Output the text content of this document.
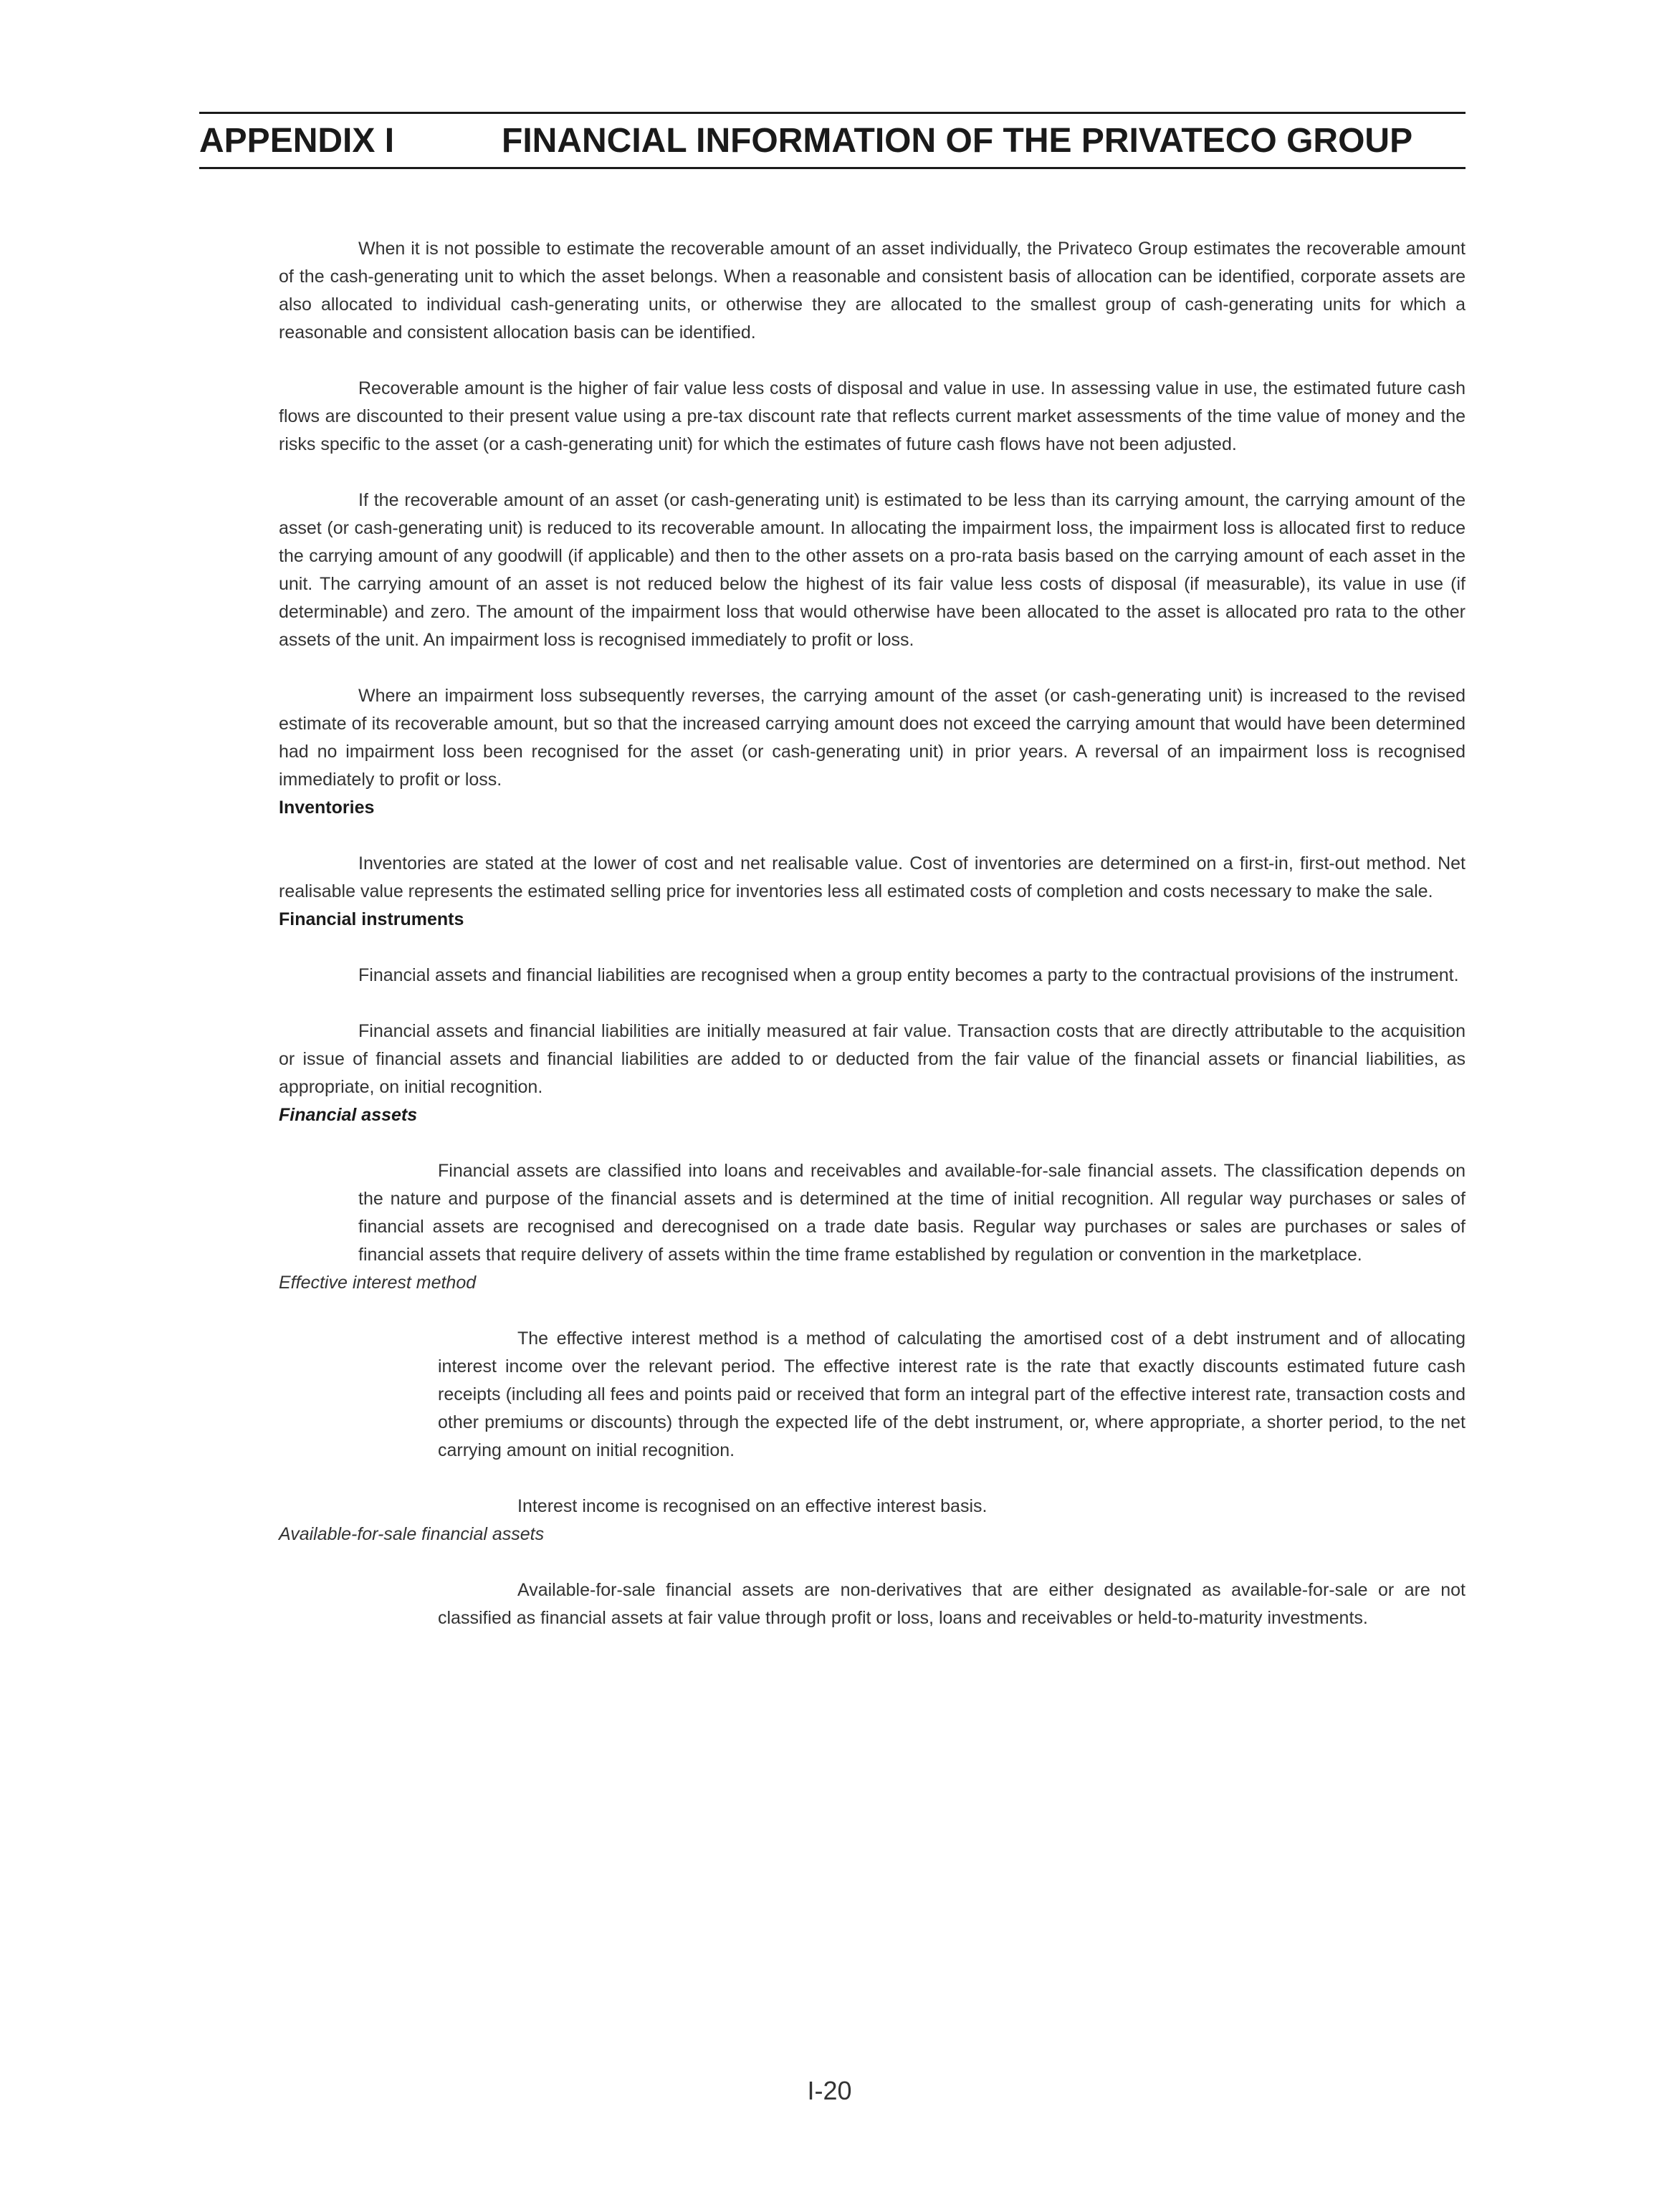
APPENDIX I	FINANCIAL INFORMATION OF THE PRIVATECO GROUP

When it is not possible to estimate the recoverable amount of an asset individually, the Privateco Group estimates the recoverable amount of the cash-generating unit to which the asset belongs. When a reasonable and consistent basis of allocation can be identified, corporate assets are also allocated to individual cash-generating units, or otherwise they are allocated to the smallest group of cash-generating units for which a reasonable and consistent allocation basis can be identified.

Recoverable amount is the higher of fair value less costs of disposal and value in use. In assessing value in use, the estimated future cash flows are discounted to their present value using a pre-tax discount rate that reflects current market assessments of the time value of money and the risks specific to the asset (or a cash-generating unit) for which the estimates of future cash flows have not been adjusted.

If the recoverable amount of an asset (or cash-generating unit) is estimated to be less than its carrying amount, the carrying amount of the asset (or cash-generating unit) is reduced to its recoverable amount. In allocating the impairment loss, the impairment loss is allocated first to reduce the carrying amount of any goodwill (if applicable) and then to the other assets on a pro-rata basis based on the carrying amount of each asset in the unit. The carrying amount of an asset is not reduced below the highest of its fair value less costs of disposal (if measurable), its value in use (if determinable) and zero. The amount of the impairment loss that would otherwise have been allocated to the asset is allocated pro rata to the other assets of the unit. An impairment loss is recognised immediately to profit or loss.

Where an impairment loss subsequently reverses, the carrying amount of the asset (or cash-generating unit) is increased to the revised estimate of its recoverable amount, but so that the increased carrying amount does not exceed the carrying amount that would have been determined had no impairment loss been recognised for the asset (or cash-generating unit) in prior years. A reversal of an impairment loss is recognised immediately to profit or loss.

Inventories

Inventories are stated at the lower of cost and net realisable value. Cost of inventories are determined on a first-in, first-out method. Net realisable value represents the estimated selling price for inventories less all estimated costs of completion and costs necessary to make the sale.

Financial instruments

Financial assets and financial liabilities are recognised when a group entity becomes a party to the contractual provisions of the instrument.

Financial assets and financial liabilities are initially measured at fair value. Transaction costs that are directly attributable to the acquisition or issue of financial assets and financial liabilities are added to or deducted from the fair value of the financial assets or financial liabilities, as appropriate, on initial recognition.

Financial assets

Financial assets are classified into loans and receivables and available-for-sale financial assets. The classification depends on the nature and purpose of the financial assets and is determined at the time of initial recognition. All regular way purchases or sales of financial assets are recognised and derecognised on a trade date basis. Regular way purchases or sales are purchases or sales of financial assets that require delivery of assets within the time frame established by regulation or convention in the marketplace.

Effective interest method

The effective interest method is a method of calculating the amortised cost of a debt instrument and of allocating interest income over the relevant period. The effective interest rate is the rate that exactly discounts estimated future cash receipts (including all fees and points paid or received that form an integral part of the effective interest rate, transaction costs and other premiums or discounts) through the expected life of the debt instrument, or, where appropriate, a shorter period, to the net carrying amount on initial recognition.

Interest income is recognised on an effective interest basis.

Available-for-sale financial assets

Available-for-sale financial assets are non-derivatives that are either designated as available-for-sale or are not classified as financial assets at fair value through profit or loss, loans and receivables or held-to-maturity investments.

I-20
